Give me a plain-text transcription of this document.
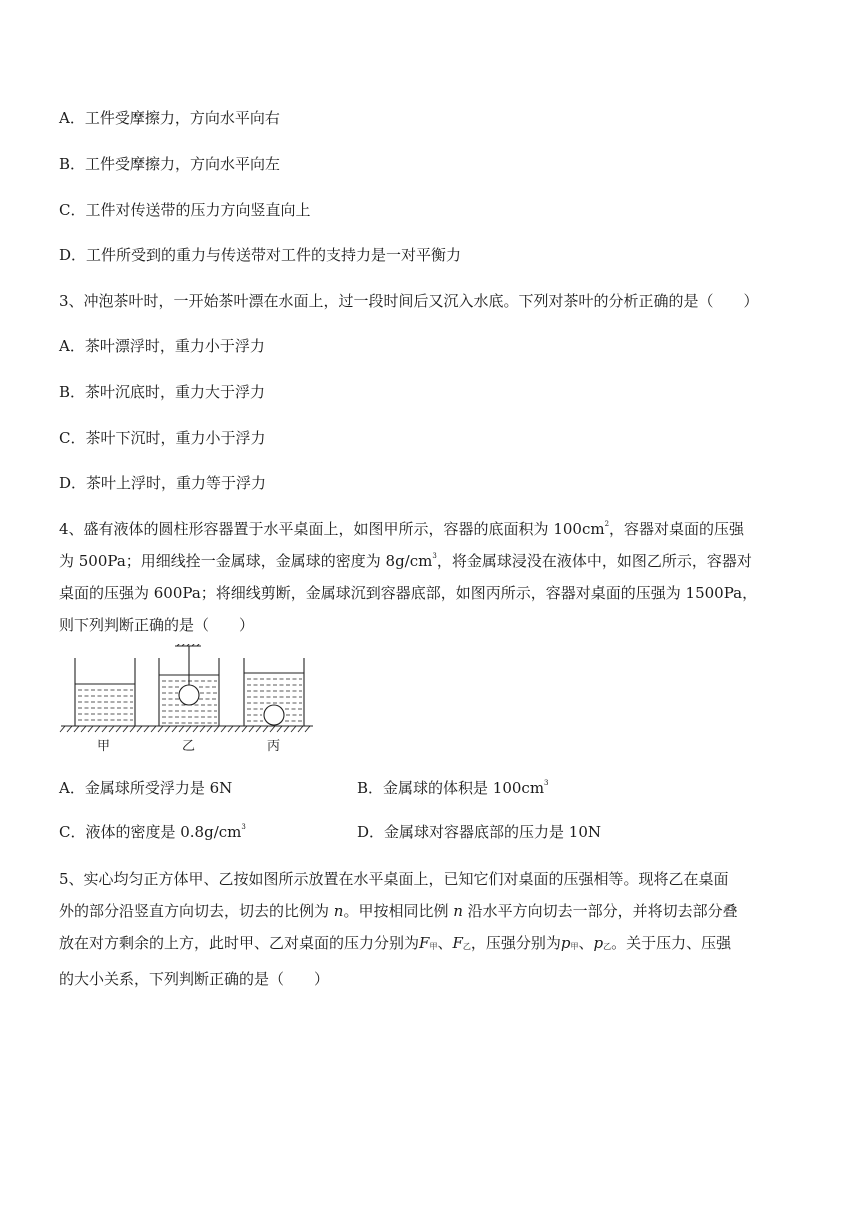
A．工件受摩擦力，方向水平向右
B．工件受摩擦力，方向水平向左
C．工件对传送带的压力方向竖直向上
D．工件所受到的重力与传送带对工件的支持力是一对平衡力
3、冲泡茶叶时，一开始茶叶漂在水面上，过一段时间后又沉入水底。下列对茶叶的分析正确的是（　　）
A．茶叶漂浮时，重力小于浮力
B．茶叶沉底时，重力大于浮力
C．茶叶下沉时，重力小于浮力
D．茶叶上浮时，重力等于浮力

4、盛有液体的圆柱形容器置于水平桌面上，如图甲所示，容器的底面积为 $100cm^2$，容器对桌面的压强

为 500Pa；用细线拴一金属球，金属球的密度为 $8g/cm^3$，将金属球浸没在液体中，如图乙所示，容器对

桌面的压强为 600Pa；将细线剪断，金属球沉到容器底部，如图丙所示，容器对桌面的压强为 1500Pa，

则下列判断正确的是（　　）

甲	乙	丙
A．金属球所受浮力是 6N	B．金属球的体积是 $100cm^3$
C．液体的密度是 $0.8g/cm^3$	D．金属球对容器底部的压力是 10N

5、实心均匀正方体甲、乙按如图所示放置在水平桌面上，已知它们对桌面的压强相等。现将乙在桌面

外的部分沿竖直方向切去，切去的比例为 n。甲按相同比例 n 沿水平方向切去一部分，并将切去部分叠

放在对方剩余的上方，此时甲、乙对桌面的压力分别为F甲、F乙，压强分别为p甲、p乙。关于压力、压强

的大小关系，下列判断正确的是（　　）
